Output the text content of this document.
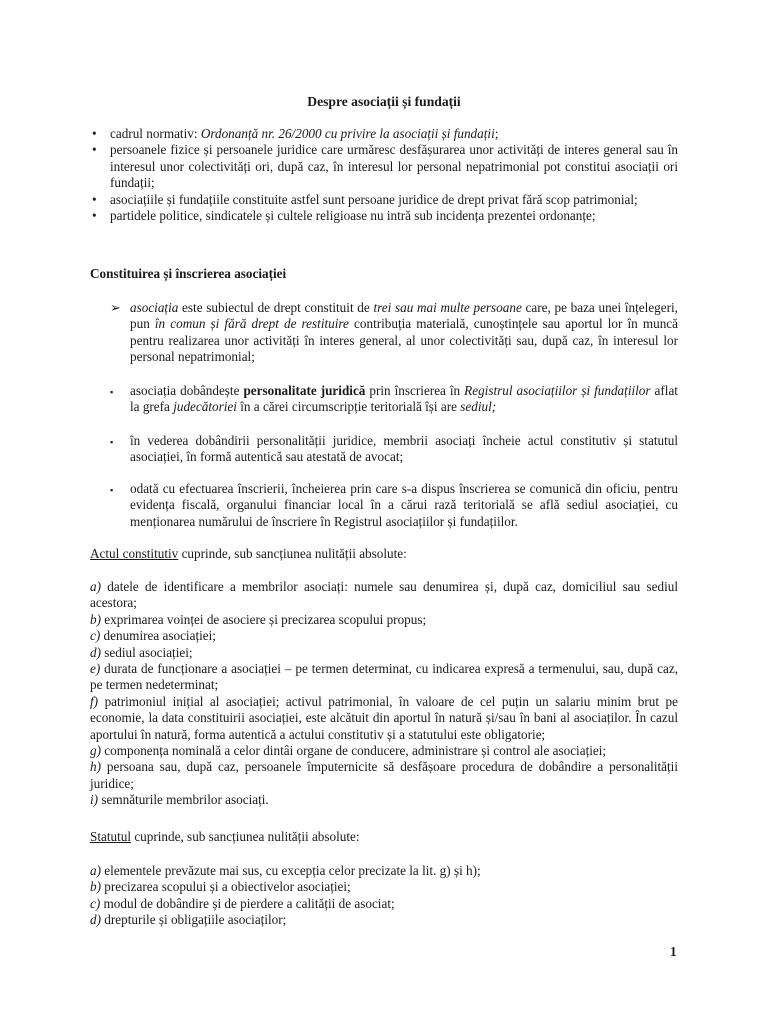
Despre asociații și fundații
• cadrul normativ: Ordonanță nr. 26/2000 cu privire la asociații și fundații;
• persoanele fizice și persoanele juridice care urmăresc desfășurarea unor activități de interes general sau în interesul unor colectivități ori, după caz, în interesul lor personal nepatrimonial pot constitui asociații ori fundații;
• asociațiile și fundațiile constituite astfel sunt persoane juridice de drept privat fără scop patrimonial;
• partidele politice, sindicatele și cultele religioase nu intră sub incidența prezentei ordonanțe;
Constituirea și înscrierea asociației
➢ asociația este subiectul de drept constituit de trei sau mai multe persoane care, pe baza unei înțelegeri, pun în comun și fără drept de restituire contribuția materială, cunoștințele sau aportul lor în muncă pentru realizarea unor activități în interes general, al unor colectivități sau, după caz, în interesul lor personal nepatrimonial;
▪	asociația dobândește personalitate juridică prin înscrierea în Registrul asociațiilor și fundațiilor aflat la grefa judecătoriei în a cărei circumscripție teritorială își are sediul;
▪	în vederea dobândirii personalității juridice, membrii asociați încheie actul constitutiv și statutul asociației, în formă autentică sau atestată de avocat;
▪	odată cu efectuarea înscrierii, încheierea prin care s-a dispus înscrierea se comunică din oficiu, pentru evidența fiscală, organului financiar local în a cărui rază teritorială se află sediul asociației, cu menționarea numărului de înscriere în Registrul asociațiilor și fundațiilor.
Actul constitutiv cuprinde, sub sancțiunea nulității absolute:
a) datele de identificare a membrilor asociați: numele sau denumirea și, după caz, domiciliul sau sediul acestora;
b) exprimarea voinței de asociere și precizarea scopului propus;
c) denumirea asociației;
d) sediul asociației;
e) durata de funcționare a asociației – pe termen determinat, cu indicarea expresă a termenului, sau, după caz, pe termen nedeterminat;
f) patrimoniul inițial al asociației; activul patrimonial, în valoare de cel puțin un salariu minim brut pe economie, la data constituirii asociației, este alcătuit din aportul în natură și/sau în bani al asociaților. În cazul aportului în natură, forma autentică a actului constitutiv și a statutului este obligatorie;
g) componența nominală a celor dintâi organe de conducere, administrare și control ale asociației;
h) persoana sau, după caz, persoanele împuternicite să desfășoare procedura de dobândire a personalității juridice;
i) semnăturile membrilor asociați.
Statutul cuprinde, sub sancțiunea nulității absolute:
a) elementele prevăzute mai sus, cu excepția celor precizate la lit. g) și h);
b) precizarea scopului și a obiectivelor asociației;
c) modul de dobândire și de pierdere a calității de asociat;
d) drepturile și obligațiile asociaților;
1
